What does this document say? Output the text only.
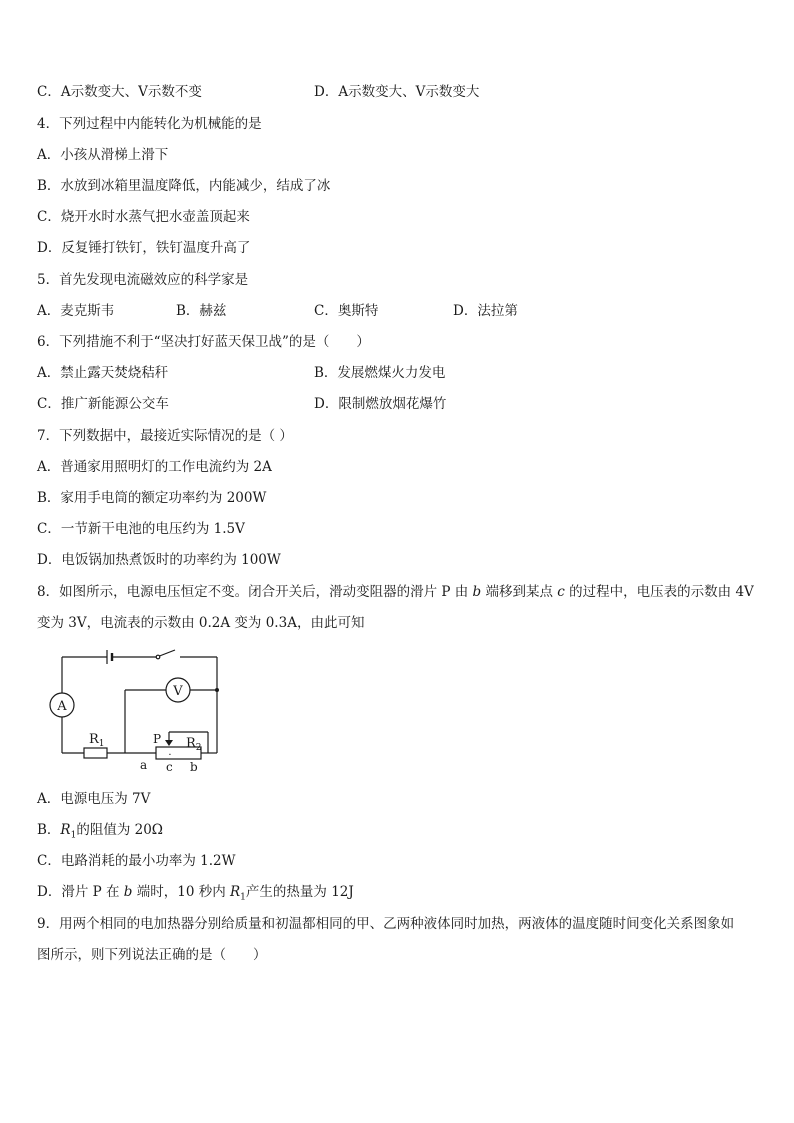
C．A示数变大、V示数不变	D．A示数变大、V示数变大
4．下列过程中内能转化为机械能的是
A．小孩从滑梯上滑下
B．水放到冰箱里温度降低，内能减少，结成了冰
C．烧开水时水蒸气把水壶盖顶起来
D．反复锤打铁钉，铁钉温度升高了
5．首先发现电流磁效应的科学家是
A．麦克斯韦	B．赫兹	C．奥斯特	D．法拉第
6．下列措施不利于“坚决打好蓝天保卫战”的是（　　）
A．禁止露天焚烧秸秆	B．发展燃煤火力发电
C．推广新能源公交车	D．限制燃放烟花爆竹
7．下列数据中，最接近实际情况的是（ ）
A．普通家用照明灯的工作电流约为 2A
B．家用手电筒的额定功率约为 200W
C．一节新干电池的电压约为 1.5V
D．电饭锅加热煮饭时的功率约为 100W
8．如图所示，电源电压恒定不变。闭合开关后，滑动变阻器的滑片 P 由 b 端移到某点 c 的过程中，电压表的示数由 4V
变为 3V，电流表的示数由 0.2A 变为 0.3A，由此可知
A
V
$R_1$	$R_2$
P
·
a c b
A．电源电压为 7V
B．$R_1$的阻值为 20Ω
C．电路消耗的最小功率为 1.2W
D．滑片 P 在 b 端时，10 秒内 $R_1$产生的热量为 12J
9．用两个相同的电加热器分别给质量和初温都相同的甲、乙两种液体同时加热，两液体的温度随时间变化关系图象如
图所示，则下列说法正确的是（　　）
